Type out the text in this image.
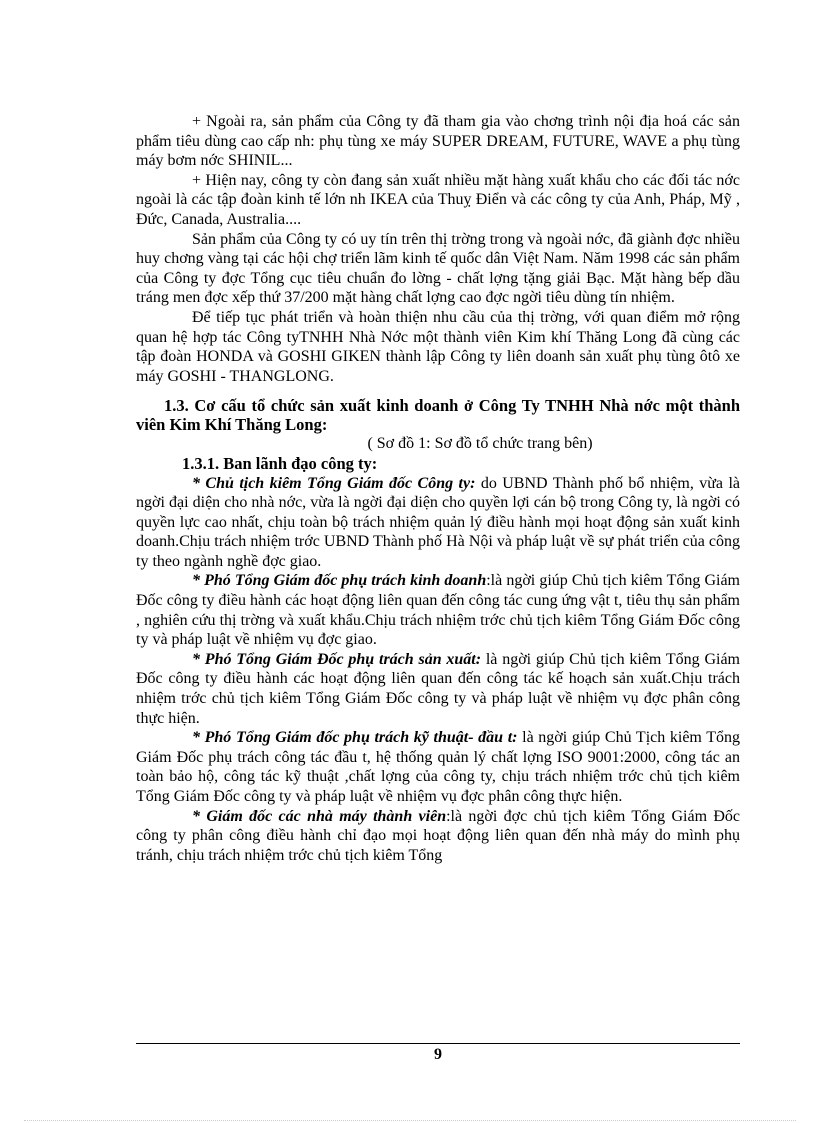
+ Ngoài ra, sản phẩm của Công ty đã tham gia vào chơng trình nội địa hoá các sản phẩm tiêu dùng cao cấp nh: phụ tùng xe máy SUPER DREAM, FUTURE, WAVE a phụ tùng máy bơm nớc SHINIL...

+ Hiện nay, công ty còn đang sản xuất nhiều mặt hàng xuất khẩu cho các đối tác nớc ngoài là các tập đoàn kinh tế lớn nh IKEA của Thuỵ Điển và các công ty của Anh, Pháp, Mỹ , Đức, Canada, Australia....

Sản phẩm của Công ty có uy tín trên thị trờng trong và ngoài nớc, đã giành đợc nhiều huy chơng vàng tại các hội chợ triển lãm kinh tế quốc dân Việt Nam. Năm 1998 các sản phẩm của Công ty đợc Tổng cục tiêu chuẩn đo lờng - chất lợng tặng giải Bạc. Mặt hàng bếp dầu tráng men đợc xếp thứ 37/200 mặt hàng chất lợng cao đợc ngời tiêu dùng tín nhiệm.

Để tiếp tục phát triển và hoàn thiện nhu cầu của thị trờng, với quan điểm mở rộng quan hệ hợp tác Công tyTNHH Nhà Nớc một thành viên Kim khí Thăng Long đã cùng các tập đoàn HONDA và GOSHI GIKEN thành lập Công ty liên doanh sản xuất phụ tùng ôtô xe máy GOSHI - THANGLONG.

1.3. Cơ cấu tổ chức sản xuất kinh doanh ở Công Ty TNHH Nhà nớc một thành viên Kim Khí Thăng Long:

( Sơ đồ 1: Sơ đồ tổ chức trang bên)

1.3.1. Ban lãnh đạo công ty:

* Chủ tịch kiêm Tổng Giám đốc Công ty: do UBND Thành phố bổ nhiệm, vừa là ngời đại diện cho nhà nớc, vừa là ngời đại diện cho quyền lợi cán bộ trong Công ty, là ngời có quyền lực cao nhất, chịu toàn bộ trách nhiệm quản lý điều hành mọi hoạt động sản xuất kinh doanh.Chịu trách nhiệm trớc UBND Thành phố Hà Nội và pháp luật về sự phát triển của công ty theo ngành nghề đợc giao.

* Phó Tổng Giám đốc phụ trách kinh doanh:là ngời giúp Chủ tịch kiêm Tổng Giám Đốc công ty điều hành các hoạt động liên quan đến công tác cung ứng vật t, tiêu thụ sản phẩm , nghiên cứu thị trờng và xuất khẩu.Chịu trách nhiệm trớc chủ tịch kiêm Tổng Giám Đốc công ty và pháp luật về nhiệm vụ đợc giao.

* Phó Tổng Giám Đốc phụ trách sản xuất: là ngời giúp Chủ tịch kiêm Tổng Giám Đốc công ty điều hành các hoạt động liên quan đến công tác kế hoạch sản xuất.Chịu trách nhiệm trớc chủ tịch kiêm Tổng Giám Đốc công ty và pháp luật về nhiệm vụ đợc phân công thực hiện.

* Phó Tổng Giám đốc phụ trách kỹ thuật- đầu t: là ngời giúp Chủ Tịch kiêm Tổng Giám Đốc phụ trách công tác đầu t, hệ thống quản lý chất lợng ISO 9001:2000, công tác an toàn bảo hộ, công tác kỹ thuật ,chất lợng của công ty, chịu trách nhiệm trớc chủ tịch kiêm Tổng Giám Đốc công ty và pháp luật về nhiệm vụ đợc phân công thực hiện.

* Giám đốc các nhà máy thành viên:là ngời đợc chủ tịch kiêm Tổng Giám Đốc công ty phân công điều hành chỉ đạo mọi hoạt động liên quan đến nhà máy do mình phụ tránh, chịu trách nhiệm trớc chủ tịch kiêm Tổng

9
